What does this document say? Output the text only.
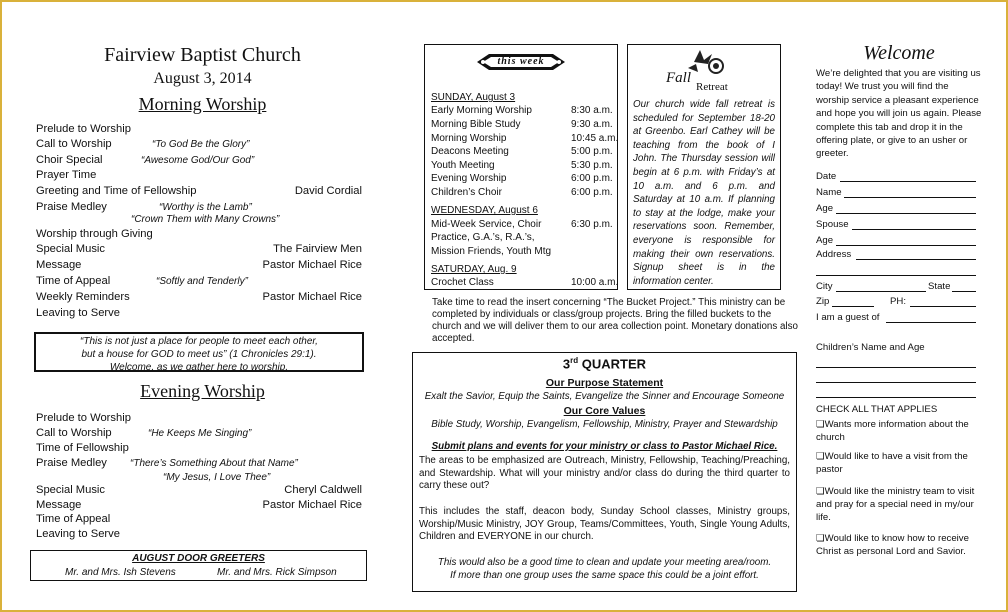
Fairview Baptist Church
August 3, 2014
Morning Worship
Prelude to Worship
Call to Worship	“To God Be the Glory”
Choir Special	“Awesome God/Our God”
Prayer Time
Greeting and Time of Fellowship	David Cordial
Praise Medley	“Worthy is the Lamb”
“Crown Them with Many Crowns”
Worship through Giving
Special Music	The Fairview Men
Message	Pastor Michael Rice
Time of Appeal	“Softly and Tenderly”
Weekly Reminders	Pastor Michael Rice
Leaving to Serve
“This is not just a place for people to meet each other,
but a house for GOD to meet us” (1 Chronicles 29:1).
Welcome, as we gather here to worship.
Evening Worship
Prelude to Worship
Call to Worship	“He Keeps Me Singing”
Time of Fellowship
Praise Medley “There’s Something About that Name”
“My Jesus, I Love Thee”
Special Music	Cheryl Caldwell
Message	Pastor Michael Rice
Time of Appeal
Leaving to Serve
AUGUST DOOR GREETERS
Mr. and Mrs. Ish Stevens	Mr. and Mrs. Rick Simpson
this week
SUNDAY, August 3
Early Morning Worship	8:30 a.m.
Morning Bible Study	9:30 a.m.
Morning Worship	10:45 a.m.
Deacons Meeting	5:00 p.m.
Youth Meeting	5:30 p.m.
Evening Worship	6:00 p.m.
Children’s Choir	6:00 p.m.
WEDNESDAY, August 6
Mid-Week Service, Choir	6:30 p.m.
Practice, G.A.’s, R.A.’s,
Mission Friends, Youth Mtg
SATURDAY, Aug. 9
Crochet Class	10:00 a.m.
Fall
Retreat
Our church wide fall retreat is scheduled for September 18-20 at Greenbo. Earl Cathey will be teaching from the book of I John. The Thursday session will begin at 6 p.m. with Friday’s at 10 a.m. and 6 p.m. and Saturday at 10 a.m. If planning to stay at the lodge, make your reservations soon. Remember, everyone is responsible for making their own reservations. Signup sheet is in the information center.
Take time to read the insert concerning “The Bucket Project.” This ministry can be completed by individuals or class/group projects. Bring the filled buckets to the church and we will deliver them to our area collection point. Monetary donations also accepted.
3rd QUARTER
Our Purpose Statement
Exalt the Savior, Equip the Saints, Evangelize the Sinner and Encourage Someone
Our Core Values
Bible Study, Worship, Evangelism, Fellowship, Ministry, Prayer and Stewardship
Submit plans and events for your ministry or class to Pastor Michael Rice.
The areas to be emphasized are Outreach, Ministry, Fellowship, Teaching/Preaching, and Stewardship. What will your ministry and/or class do during the third quarter to carry these out?
This includes the staff, deacon body, Sunday School classes, Ministry groups, Worship/Music Ministry, JOY Group, Teams/Committees, Youth, Single Young Adults, Children and EVERYONE in our church.
This would also be a good time to clean and update your meeting area/room.
If more than one group uses the same space this could be a joint effort.
Welcome
We’re delighted that you are visiting us today! We trust you will find the worship service a pleasant experience and hope you will join us again. Please complete this tab and drop it in the offering plate, or give to an usher or greeter.
Date
Name
Age
Spouse
Age
Address
City	State
Zip	PH:
I am a guest of
Children’s Name and Age
CHECK ALL THAT APPLIES
❏Wants more information about the church
❏Would like to have a visit from the pastor
❏Would like the ministry team to visit and pray for a special need in my/our life.
❏Would like to know how to receive Christ as personal Lord and Savior.
